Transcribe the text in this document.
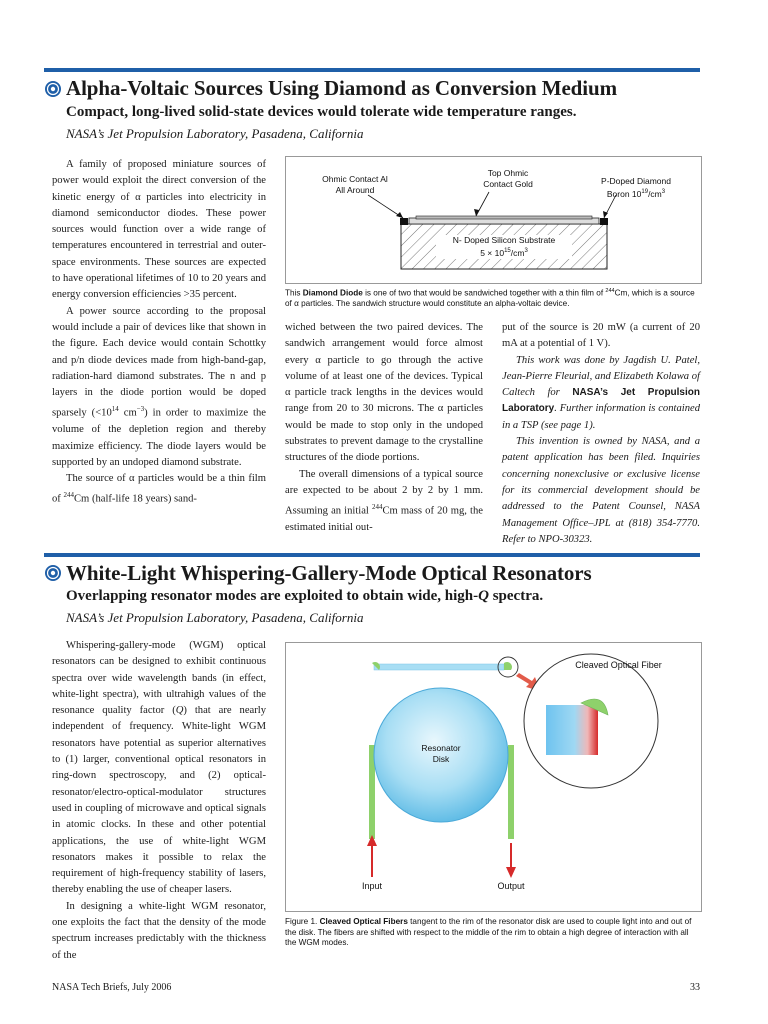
Alpha-Voltaic Sources Using Diamond as Conversion Medium
Compact, long-lived solid-state devices would tolerate wide temperature ranges.
NASA’s Jet Propulsion Laboratory, Pasadena, California

A family of proposed miniature sources of power would exploit the direct conversion of the kinetic energy of α particles into electricity in diamond semiconductor diodes. These power sources would function over a wide range of temperatures encountered in terrestrial and outer-space environments. These sources are expected to have operational lifetimes of 10 to 20 years and energy conversion efficiencies >35 percent.

A power source according to the proposal would include a pair of devices like that shown in the figure. Each device would contain Schottky and p/n diode devices made from high-band-gap, radiation-hard diamond substrates. The n and p layers in the diode portion would be doped sparsely ($<10^{14}$ $cm^{-3}$) in order to maximize the volume of the depletion region and thereby maximize efficiency. The diode layers would be supported by an undoped diamond substrate.

The source of α particles would be a thin film of $^{244}$Cm (half-life 18 years) sand-

Ohmic Contact Al
All Around
Top Ohmic
Contact Gold	P-Doped Diamond
Boron $10^{19}/cm^3$
N- Doped Silicon Substrate
$5 \times 10^{15}/cm^3$
This Diamond Diode is one of two that would be sandwiched together with a thin film of $^{244}$Cm, which is a source of α particles. The sandwich structure would constitute an alpha-voltaic device.

wiched between the two paired devices. The sandwich arrangement would force almost every α particle to go through the active volume of at least one of the devices. Typical α particle track lengths in the devices would range from 20 to 30 microns. The α particles would be made to stop only in the undoped substrates to prevent damage to the crystalline structures of the diode portions.

The overall dimensions of a typical source are expected to be about 2 by 2 by 1 mm. Assuming an initial $^{244}$Cm mass of 20 mg, the estimated initial out-

put of the source is 20 mW (a current of 20 mA at a potential of 1 V).

This work was done by Jagdish U. Patel, Jean-Pierre Fleurial, and Elizabeth Kolawa of Caltech for NASA’s Jet Propulsion Laboratory. Further information is contained in a TSP (see page 1).

This invention is owned by NASA, and a patent application has been filed. Inquiries concerning nonexclusive or exclusive license for its commercial development should be addressed to the Patent Counsel, NASA Management Office–JPL at (818) 354-7770. Refer to NPO-30323.

White-Light Whispering-Gallery-Mode Optical Resonators
Overlapping resonator modes are exploited to obtain wide, high-Q spectra.
NASA’s Jet Propulsion Laboratory, Pasadena, California

Whispering-gallery-mode (WGM) optical resonators can be designed to exhibit continuous spectra over wide wavelength bands (in effect, white-light spectra), with ultrahigh values of the resonance quality factor (Q) that are nearly independent of frequency. White-light WGM resonators have potential as superior alternatives to (1) larger, conventional optical resonators in ring-down spectroscopy, and (2) optical-resonator/electro-optical-modulator structures used in coupling of microwave and optical signals in atomic clocks. In these and other potential applications, the use of white-light WGM resonators makes it possible to relax the requirement of high-frequency stability of lasers, thereby enabling the use of cheaper lasers.

In designing a white-light WGM resonator, one exploits the fact that the density of the mode spectrum increases predictably with the thickness of the

Cleaved Optical Fiber
Resonator
Disk
Input	Output
Figure 1. Cleaved Optical Fibers tangent to the rim of the resonator disk are used to couple light into and out of the disk. The fibers are shifted with respect to the middle of the rim to obtain a high degree of interaction with all the WGM modes.
NASA Tech Briefs, July 2006	33
